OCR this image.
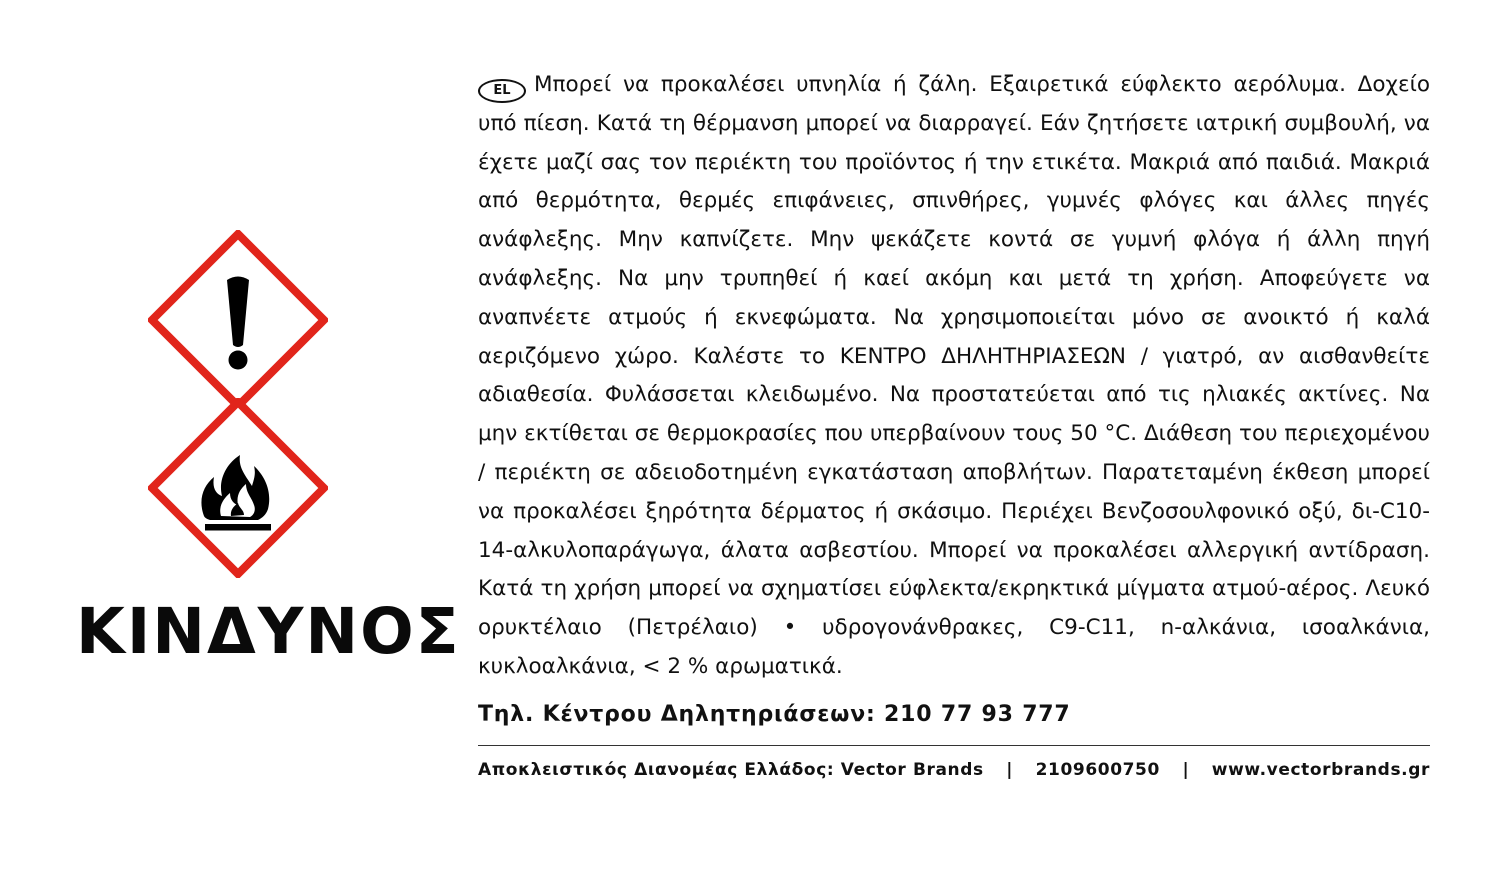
ΚΙΝΔΥΝΟΣ

EL Μπορεί να προκαλέσει υπνηλία ή ζάλη. Εξαιρετικά εύφλεκτο αερόλυμα. Δοχείο υπό πίεση. Κατά τη θέρμανση μπορεί να διαρραγεί. Εάν ζητήσετε ιατρική συμβουλή, να έχετε μαζί σας τον περιέκτη του προϊόντος ή την ετικέτα. Μακριά από παιδιά. Μακριά από θερμότητα, θερμές επιφάνειες, σπινθήρες, γυμνές φλόγες και άλλες πηγές ανάφλεξης. Μην καπνίζετε. Μην ψεκάζετε κοντά σε γυμνή φλόγα ή άλλη πηγή ανάφλεξης. Να μην τρυπηθεί ή καεί ακόμη και μετά τη χρήση. Αποφεύγετε να αναπνέετε ατμούς ή εκνεφώματα. Να χρησιμοποιείται μόνο σε ανοικτό ή καλά αεριζόμενο χώρο. Καλέστε το ΚΕΝΤΡΟ ΔΗΛΗΤΗΡΙΑΣΕΩΝ / γιατρό, αν αισθανθείτε αδιαθεσία. Φυλάσσεται κλειδωμένο. Να προστατεύεται από τις ηλιακές ακτίνες. Να μην εκτίθεται σε θερμοκρασίες που υπερβαίνουν τους 50 °C. Διάθεση του περιεχομένου / περιέκτη σε αδειοδοτημένη εγκατάσταση αποβλήτων. Παρατεταμένη έκθεση μπορεί να προκαλέσει ξηρότητα δέρματος ή σκάσιμο. Περιέχει Βενζοσουλφονικό οξύ, δι-C10-14-αλκυλοπαράγωγα, άλατα ασβεστίου. Μπορεί να προκαλέσει αλλεργική αντίδραση. Κατά τη χρήση μπορεί να σχηματίσει εύφλεκτα/εκρηκτικά μίγματα ατμού-αέρος. Λευκό ορυκτέλαιο (Πετρέλαιο) • υδρογονάνθρακες, C9-C11, n-αλκάνια, ισοαλκάνια, κυκλοαλκάνια, < 2 % αρωματικά.

Τηλ. Κέντρου Δηλητηριάσεων: 210 77 93 777
Αποκλειστικός Διανομέας Ελλάδος: Vector Brands | 2109600750 | www.vectorbrands.gr
